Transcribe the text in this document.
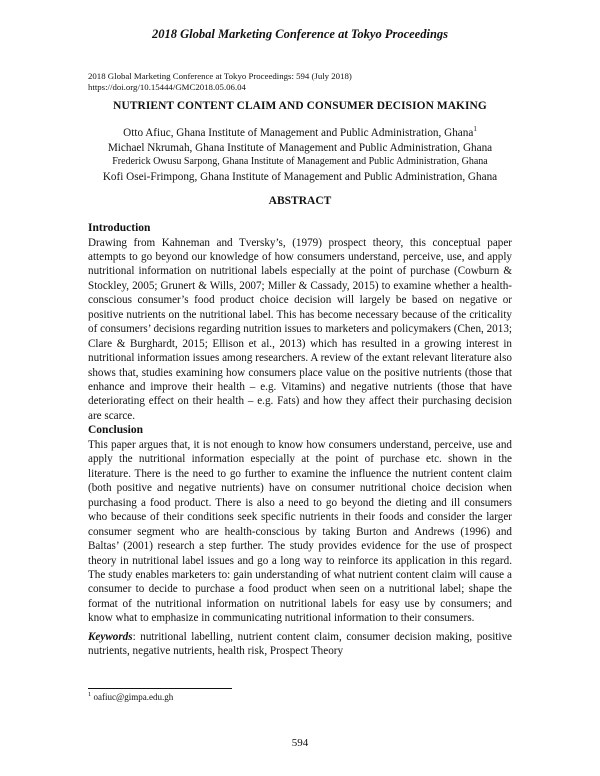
2018 Global Marketing Conference at Tokyo Proceedings
2018 Global Marketing Conference at Tokyo Proceedings: 594 (July 2018)
https://doi.org/10.15444/GMC2018.05.06.04
NUTRIENT CONTENT CLAIM AND CONSUMER DECISION MAKING
Otto Afiuc, Ghana Institute of Management and Public Administration, Ghana$^1$
Michael Nkrumah, Ghana Institute of Management and Public Administration, Ghana
Frederick Owusu Sarpong, Ghana Institute of Management and Public Administration, Ghana
Kofi Osei-Frimpong, Ghana Institute of Management and Public Administration, Ghana
ABSTRACT
Introduction

Drawing from Kahneman and Tversky’s, (1979) prospect theory, this conceptual paper attempts to go beyond our knowledge of how consumers understand, perceive, use, and apply nutritional information on nutritional labels especially at the point of purchase (Cowburn & Stockley, 2005; Grunert & Wills, 2007; Miller & Cassady, 2015) to examine whether a health-conscious consumer’s food product choice decision will largely be based on negative or positive nutrients on the nutritional label. This has become necessary because of the criticality of consumers’ decisions regarding nutrition issues to marketers and policymakers (Chen, 2013; Clare & Burghardt, 2015; Ellison et al., 2013) which has resulted in a growing interest in nutritional information issues among researchers. A review of the extant relevant literature also shows that, studies examining how consumers place value on the positive nutrients (those that enhance and improve their health – e.g. Vitamins) and negative nutrients (those that have deteriorating effect on their health – e.g. Fats) and how they affect their purchasing decision are scarce.

Conclusion

This paper argues that, it is not enough to know how consumers understand, perceive, use and apply the nutritional information especially at the point of purchase etc. shown in the literature. There is the need to go further to examine the influence the nutrient content claim (both positive and negative nutrients) have on consumer nutritional choice decision when purchasing a food product. There is also a need to go beyond the dieting and ill consumers who because of their conditions seek specific nutrients in their foods and consider the larger consumer segment who are health-conscious by taking Burton and Andrews (1996) and Baltas’ (2001) research a step further. The study provides evidence for the use of prospect theory in nutritional label issues and go a long way to reinforce its application in this regard. The study enables marketers to: gain understanding of what nutrient content claim will cause a consumer to decide to purchase a food product when seen on a nutritional label; shape the format of the nutritional information on nutritional labels for easy use by consumers; and know what to emphasize in communicating nutritional information to their consumers.

Keywords: nutritional labelling, nutrient content claim, consumer decision making, positive nutrients, negative nutrients, health risk, Prospect Theory
$^1$ oafiuc@gimpa.edu.gh
594
